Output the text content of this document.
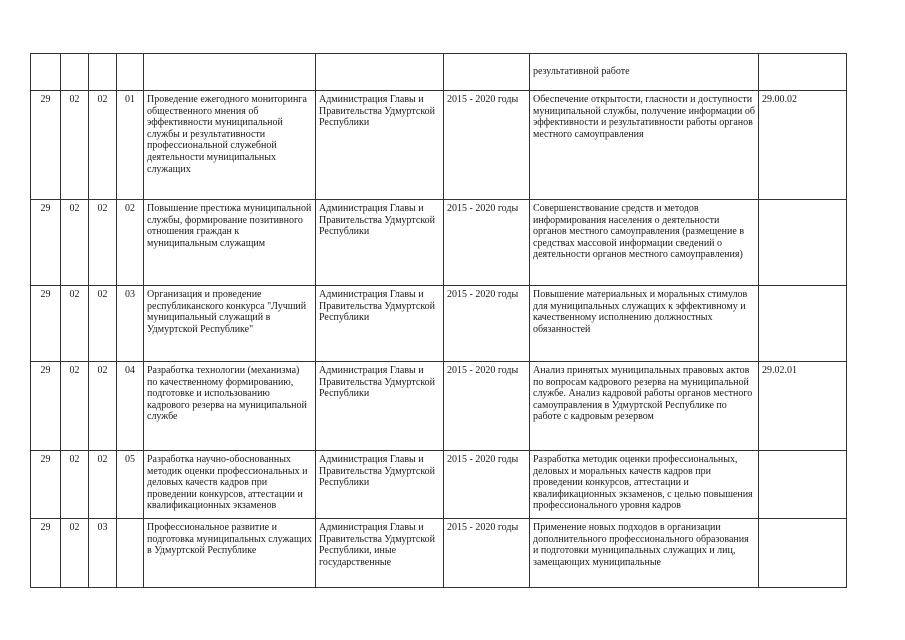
							результативной работе	
29	02	02	01	Проведение ежегодного мониторинга общественного мнения об эффективности муниципальной службы и результативности профессиональной служебной деятельности муниципальных служащих	Администрация Главы и Правительства Удмуртской Республики	2015 - 2020 годы	Обеспечение открытости, гласности и доступности муниципальной службы, получение информации об эффективности и результативности работы органов местного самоуправления	29.00.02
29	02	02	02	Повышение престижа муниципальной службы, формирование позитивного отношения граждан к муниципальным служащим	Администрация Главы и Правительства Удмуртской Республики	2015 - 2020 годы	Совершенствование средств и методов информирования населения о деятельности органов местного самоуправления (размещение в средствах массовой информации сведений о деятельности органов местного самоуправления)	
29	02	02	03	Организация и проведение республиканского конкурса "Лучший муниципальный служащий в Удмуртской Республике"	Администрация Главы и Правительства Удмуртской Республики	2015 - 2020 годы	Повышение материальных и моральных стимулов для муниципальных служащих к эффективному и качественному исполнению должностных обязанностей	
29	02	02	04	Разработка технологии (механизма) по качественному формированию, подготовке и использованию кадрового резерва на муниципальной службе	Администрация Главы и Правительства Удмуртской Республики	2015 - 2020 годы	Анализ принятых муниципальных правовых актов по вопросам кадрового резерва на муниципальной службе. Анализ кадровой работы органов местного самоуправления в Удмуртской Республике по работе с кадровым резервом	29.02.01
29	02	02	05	Разработка научно-обоснованных методик оценки профессиональных и деловых качеств кадров при проведении конкурсов, аттестации и квалификационных экзаменов	Администрация Главы и Правительства Удмуртской Республики	2015 - 2020 годы	Разработка методик оценки профессиональных, деловых и моральных качеств кадров при проведении конкурсов, аттестации и квалификационных экзаменов, с целью повышения профессионального уровня кадров	
29	02	03		Профессиональное развитие и подготовка муниципальных служащих в Удмуртской Республике	Администрация Главы и Правительства Удмуртской Республики, иные государственные	2015 - 2020 годы	Применение новых подходов в организации дополнительного профессионального образования и подготовки муниципальных служащих и лиц, замещающих муниципальные	
